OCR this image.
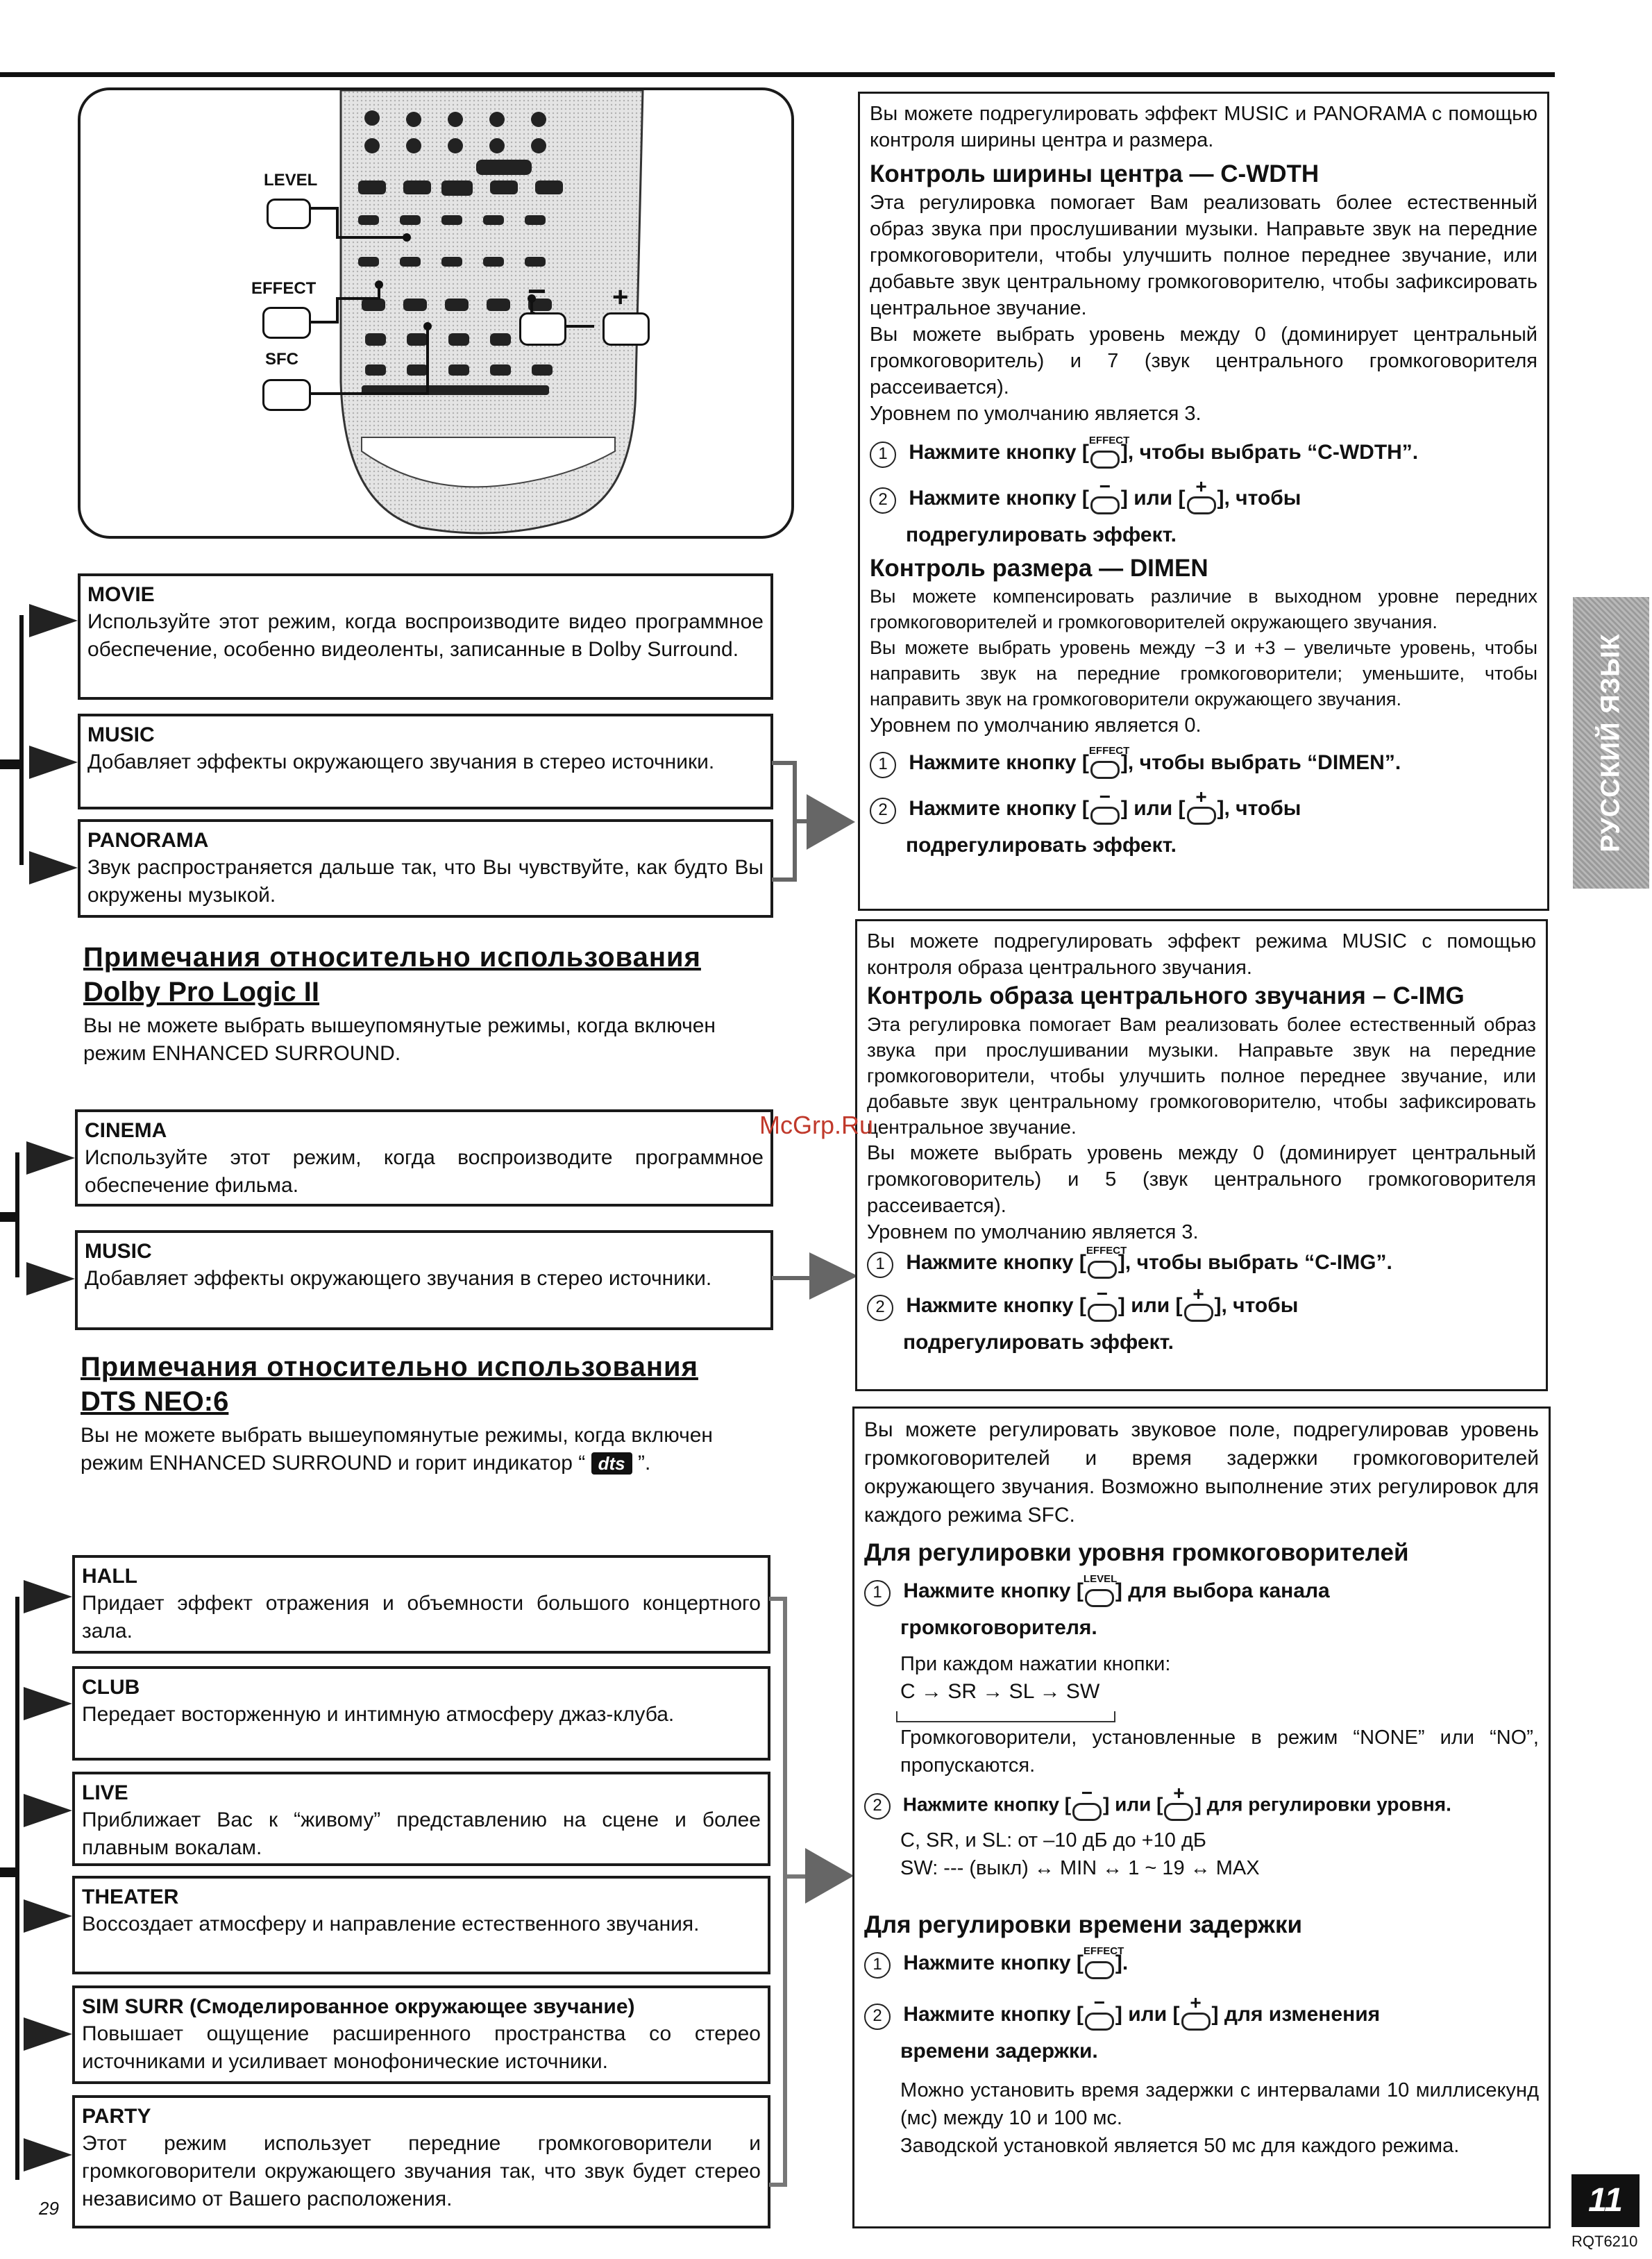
LEVEL
EFFECT
SFC
− +
MOVIE
Используйте этот режим, когда воспроизводите видео программное обеспечение, особенно видеоленты, записанные в Dolby Surround.
MUSIC
Добавляет эффекты окружающего звучания в стерео источники.
PANORAMA
Звук распространяется дальше так, что Вы чувствуйте, как будто Вы окружены музыкой.
Примечания относительно использования
Dolby Pro Logic II
Вы не можете выбрать вышеупомянутые режимы, когда включен режим ENHANCED SURROUND.
CINEMA
Используйте этот режим, когда воспроизводите программное обеспечение фильма.
MUSIC
Добавляет эффекты окружающего звучания в стерео источники.
Примечания относительно использования
DTS NEO:6
Вы не можете выбрать вышеупомянутые режимы, когда включен режим ENHANCED SURROUND и горит индикатор “ dts ”.
HALL
Придает эффект отражения и объемности большого концертного зала.
CLUB
Передает восторженную и интимную атмосферу джаз-клуба.
LIVE
Приближает Вас к “живому” представлению на сцене и более плавным вокалам.
THEATER
Воссоздает атмосферу и направление естественного звучания.
SIM SURR (Смоделированное окружающее звучание)
Повышает ощущение расширенного пространства со стерео источниками и усиливает монофонические источники.
PARTY
Этот режим использует передние громкоговорители и громкоговорители окружающего звучания так, что звук будет стерео независимо от Вашего расположения.
29

Вы можете подрегулировать эффект MUSIC и PANORAMA с помощью контроля ширины центра и размера.

Контроль ширины центра — C-WDTH

Эта регулировка помогает Вам реализовать более естественный образ звука при прослушивании музыки. Направьте звук на передние громкоговорители, чтобы улучшить полное переднее звучание, или добавьте звук центральному громкоговорителю, чтобы зафиксировать центральное звучание.

Вы можете выбрать уровень между 0 (доминирует центральный громкоговоритель) и 7 (звук центрального громкоговорителя рассеивается).

Уровнем по умолчанию является 3.

1 Нажмите кнопку [
EFFECT
], чтобы выбрать “C-WDTH”.
2 Нажмите кнопку [
−
] или [
+
], чтобы
подрегулировать эффект.
Контроль размера — DIMEN

Вы можете компенсировать различие в выходном уровне передних громкоговорителей и громкоговорителей окружающего звучания.

Вы можете выбрать уровень между −3 и +3 – увеличьте уровень, чтобы направить звук на передние громкоговорители; уменьшите, чтобы направить звук на громкоговорители окружающего звучания.

Уровнем по умолчанию является 0.

1 Нажмите кнопку [
EFFECT
], чтобы выбрать “DIMEN”.
2 Нажмите кнопку [
−
] или [
+
], чтобы
подрегулировать эффект.

Вы можете подрегулировать эффект режима MUSIC с помощью контроля образа центрального звучания.

Контроль образа центрального звучания – C-IMG

Эта регулировка помогает Вам реализовать более естественный образ звука при прослушивании музыки. Направьте звук на передние громкоговорители, чтобы улучшить полное переднее звучание, или добавьте звук центральному громкоговорителю, чтобы зафиксировать центральное звучание.

Вы можете выбрать уровень между 0 (доминирует центральный громкоговоритель) и 5 (звук центрального громкоговорителя рассеивается).

Уровнем по умолчанию является 3.

1 Нажмите кнопку [
EFFECT
], чтобы выбрать “C-IMG”.
2 Нажмите кнопку [
−
] или [
+
], чтобы
подрегулировать эффект.

Вы можете регулировать звуковое поле, подрегулировав уровень громкоговорителей и время задержки громкоговорителей окружающего звучания. Возможно выполнение этих регулировок для каждого режима SFC.

Для регулировки уровня громкоговорителей
1 Нажмите кнопку [
LEVEL
] для выбора канала
громкоговорителя.
При каждом нажатии кнопки:
C → SR → SL → SW
Громкоговорители, установленные в режим “NONE” или “NO”, пропускаются.
2 Нажмите кнопку [
−
] или [
+
] для регулировки уровня.
C, SR, и SL: от –10 дБ до +10 дБ
SW: --- (выкл) ↔ MIN ↔ 1 ~ 19 ↔ MAX
Для регулировки времени задержки
1 Нажмите кнопку [
EFFECT
].
2 Нажмите кнопку [
−
] или [
+
] для изменения
времени задержки.
Можно установить время задержки с интервалами 10 миллисекунд (мс) между 10 и 100 мс.
Заводской установкой является 50 мс для каждого режима.
РУССКИЙ ЯЗЫК
11
RQT6210
McGrp.Ru
